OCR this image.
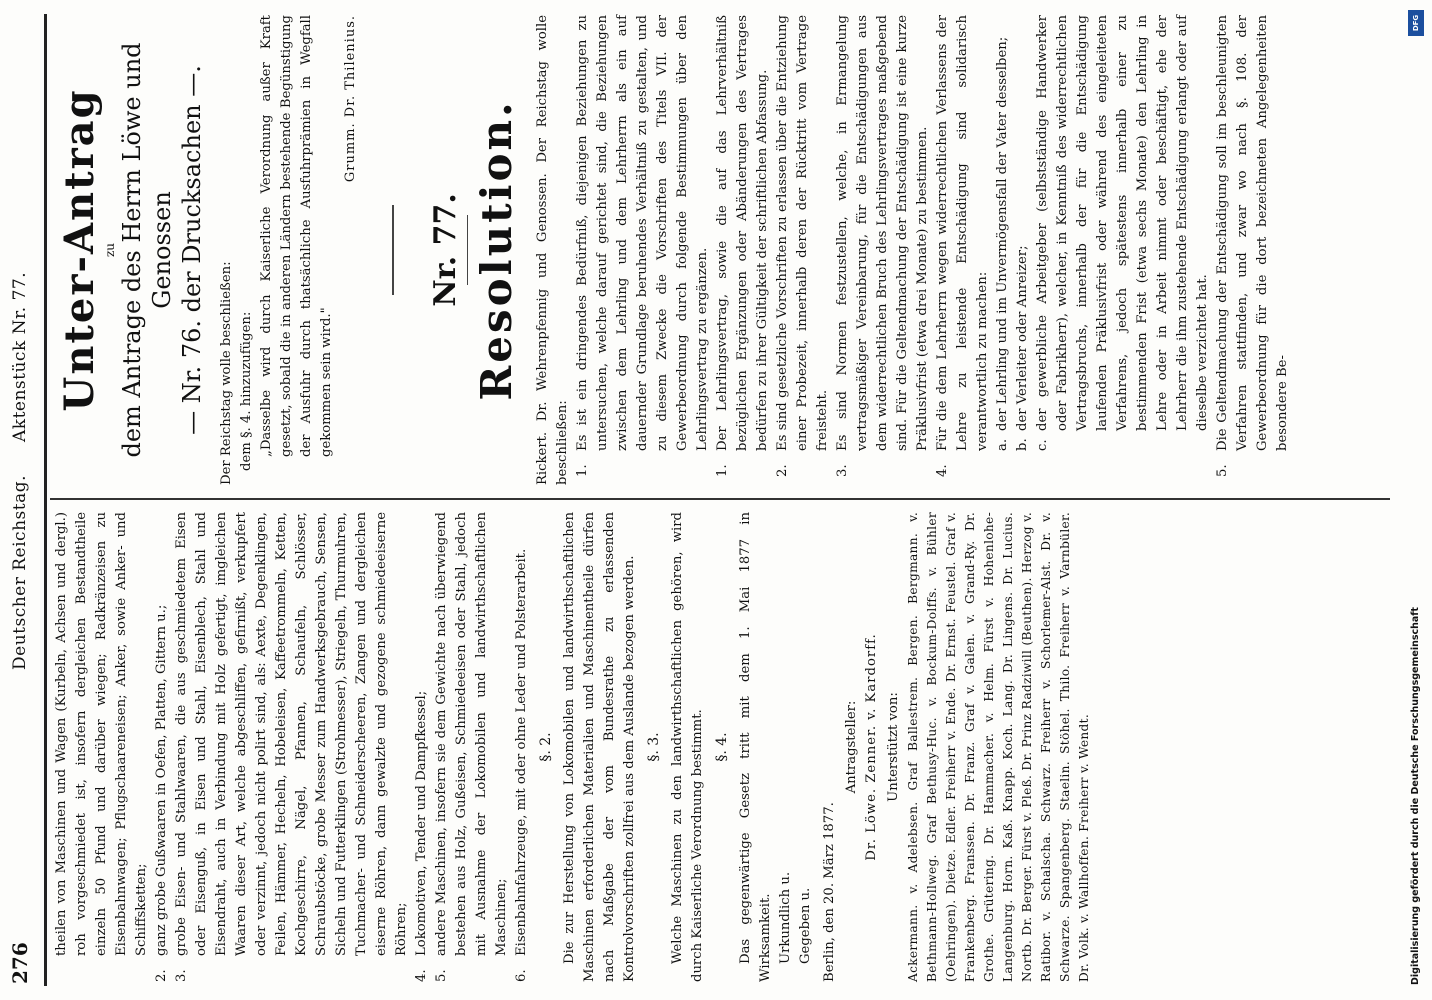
276
Deutscher Reichstag.
Aktenstück Nr. 77.

theilen von Maschinen und Wagen (Kurbeln, Achsen und dergl.) roh vorgeschmiedet ist, insofern dergleichen Bestandtheile einzeln 50 Pfund und darüber wiegen; Radkränzeisen zu Eisenbahnwagen; Pflugschaareneisen; Anker, sowie Anker- und Schiffsketten;

2.
ganz grobe Gußwaaren in Oefen, Platten, Gittern u.;
3.
grobe Eisen- und Stahlwaaren, die aus geschmiedetem Eisen oder Eisenguß, in Eisen und Stahl, Eisenblech, Stahl und Eisendraht, auch in Verbindung mit Holz gefertigt, imgleichen Waaren dieser Art, welche abgeschliffen, gefirnißt, verkupfert oder verzinnt, jedoch nicht polirt sind, als: Aexte, Degenklingen, Feilen, Hämmer, Hecheln, Hobeleisen, Kaffeetrommeln, Ketten, Kochgeschirre, Nägel, Pfannen, Schaufeln, Schlösser, Schraubstöcke, grobe Messer zum Handwerksgebrauch, Sensen, Sicheln und Futterklingen (Strohmesser), Striegeln, Thurmuhren, Tuchmacher- und Schneiderscheeren, Zangen und dergleichen eiserne Röhren, dann gewalzte und gezogene schmiedeeiserne Röhren;
4.
Lokomotiven, Tender und Dampfkessel;
5.
andere Maschinen, insofern sie dem Gewichte nach überwiegend bestehen aus Holz, Gußeisen, Schmiedeeisen oder Stahl, jedoch mit Ausnahme der Lokomobilen und landwirthschaftlichen Maschinen;
6.
Eisenbahnfahrzeuge, mit oder ohne Leder und Polsterarbeit. §. 2. Die zur Herstellung von Lokomobilen und landwirthschaftlichen Maschinen erforderlichen Materialien und Maschinentheile dürfen nach Maßgabe der vom Bundesrathe zu erlassenden Kontrolvorschriften zollfrei aus dem Auslande bezogen werden. §. 3. Welche Maschinen zu den landwirthschaftlichen gehören, wird durch Kaiserliche Verordnung bestimmt. §. 4. Das gegenwärtige Gesetz tritt mit dem 1. Mai 1877 in Wirksamkeit. Urkundlich u. Gegeben u. Berlin, den 20. März 1877.

Antragsteller: Dr. Löwe. Zenner. v. Kardorff. Unterstützt von: Ackermann. v. Adelebsen. Graf Ballestrem. Bergen. Bergmann. v. Bethmann-Hollweg. Graf Bethusy-Huc. v. Bockum-Dolffs. v. Bühler (Oehringen). Dietze. Edler. Freiherr v. Ende. Dr. Ernst. Feustel. Graf v. Frankenberg. Franssen. Dr. Franz. Graf v. Galen. v. Grand-Ry. Dr. Grothe. Grütering. Dr. Hammacher. v. Helm. Fürst v. Hohenlohe-Langenburg. Horn. Kaß. Knapp. Koch. Lang. Dr. Lingens. Dr. Lucius. Nortb. Dr. Berger. Fürst v. Pleß. Dr. Prinz Radziwill (Beuthen). Herzog v. Ratibor. v. Schalscha. Schwarz. Freiherr v. Schorlemer-Alst. Dr. v. Schwarze. Spangenberg. Staelin. Stöhel. Thilo. Freiherr v. Varnbüler. Dr. Volk. v. Wallhoffen. Freiherr v. Wendt.

Unter-Antrag zu dem Antrage des Herrn Löwe und Genossen — Nr. 76. der Drucksachen —. Der Reichstag wolle beschließen: dem §. 4. hinzuzufügen: „Dasselbe wird durch Kaiserliche Verordnung außer Kraft gesetzt, sobald die in anderen Ländern bestehende Begünstigung der Ausfuhr durch thatsächliche Ausfuhrprämien in Wegfall gekommen sein wird."

Grumm. Dr. Thilenius.
Nr. 77. Resolution. Rickert. Dr. Wehrenpfennig und Genossen. Der Reichstag wolle beschließen: 1.
Es ist ein dringendes Bedürfniß, diejenigen Beziehungen zu untersuchen, welche darauf gerichtet sind, die Beziehungen zwischen dem Lehrling und dem Lehrherrn als ein auf dauernder Grundlage beruhendes Verhältniß zu gestalten, und zu diesem Zwecke die Vorschriften des Titels VII. der Gewerbeordnung durch folgende Bestimmungen über den Lehrlingsvertrag zu ergänzen.
1.
Der Lehrlingsvertrag, sowie die auf das Lehrverhältniß bezüglichen Ergänzungen oder Abänderungen des Vertrages bedürfen zu ihrer Gültigkeit der schriftlichen Abfassung.
2.
Es sind gesetzliche Vorschriften zu erlassen über die Entziehung einer Probezeit, innerhalb deren der Rücktritt vom Vertrage freisteht.
3.
Es sind Normen festzustellen, welche, in Ermangelung vertragsmäßiger Vereinbarung, für die Entschädigungen aus dem widerrechtlichen Bruch des Lehrlingsvertrages maßgebend sind. Für die Geltendmachung der Entschädigung ist eine kurze Präklusivfrist (etwa drei Monate) zu bestimmen.
4.
Für die dem Lehrherrn wegen widerrechtlichen Verlassens der Lehre zu leistende Entschädigung sind solidarisch verantwortlich zu machen: a.
der Lehrling und im Unvermögensfall der Vater desselben;
b.
der Verleiter oder Anreizer;
c.
der gewerbliche Arbeitgeber (selbstständige Handwerker oder Fabrikherr), welcher, in Kenntniß des widerrechtlichen Vertragsbruchs, innerhalb der für die Entschädigung laufenden Präklusivfrist oder während des eingeleiteten Verfahrens, jedoch spätestens innerhalb einer zu bestimmenden Frist (etwa sechs Monate) den Lehrling in Lehre oder in Arbeit nimmt oder beschäftigt, ehe der Lehrherr die ihm zustehende Entschädigung erlangt oder auf dieselbe verzichtet hat.
5.
Die Geltendmachung der Entschädigung soll im beschleunigten Verfahren stattfinden, und zwar wo nach §. 108. der Gewerbeordnung für die dort bezeichneten Angelegenheiten besondere Be-
DFG
Digitalisierung gefördert durch die Deutsche Forschungsgemeinschaft
